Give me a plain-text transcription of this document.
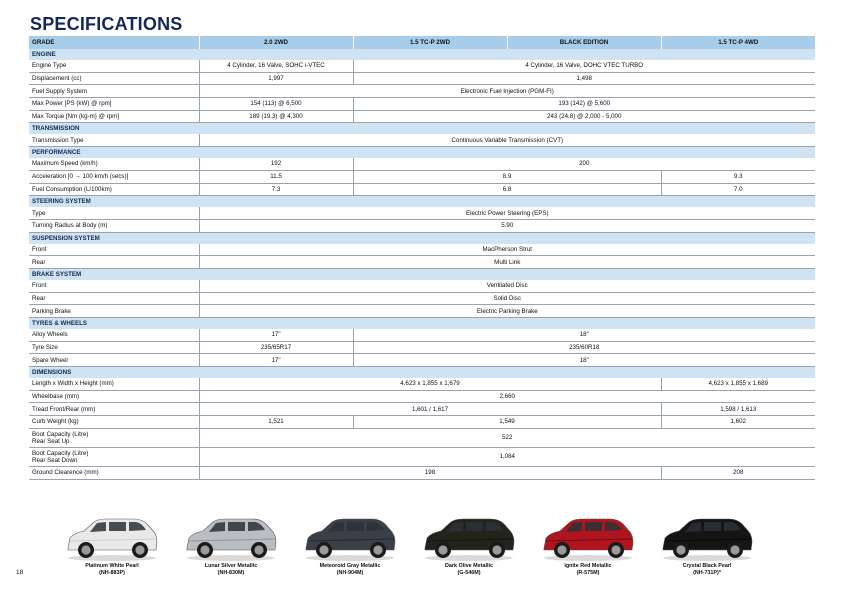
SPECIFICATIONS
GRADE	2.0 2WD	1.5 TC-P 2WD	BLACK EDITION	1.5 TC-P 4WD
ENGINE				
Engine Type	4 Cylinder, 16 Valve, SOHC i-VTEC	4 Cylinder, 16 Valve, DOHC VTEC TURBO		
Displacement (cc)	1,997	1,498		
Fuel Supply System	Electronic Fuel Injection (PGM-FI)			
Max Power [PS (kW) @ rpm]	154 (113) @ 6,500	193 (142) @ 5,600		
Max Torque [Nm (kg-m) @ rpm]	189 (19.3) @ 4,300	243 (24.8) @ 2,000 - 5,000		
TRANSMISSION				
Transmission Type	Continuous Variable Transmission (CVT)			
PERFORMANCE				
Maximum Speed (km/h)	192	200		
Acceleration [0 → 100 km/h (secs)]	11.5	8.9		9.3
Fuel Consumption (L/100km)	7.3	6.8		7.0
STEERING SYSTEM				
Type	Electric Power Steering (EPS)			
Turning Radius at Body (m)	5.90			
SUSPENSION SYSTEM				
Front	MacPherson Strut			
Rear	Multi Link			
BRAKE SYSTEM				
Front	Ventilated Disc			
Rear	Solid Disc			
Parking Brake	Electric Parking Brake			
TYRES & WHEELS				
Alloy Wheels	17"	18"		
Tyre Size	235/65R17	235/60R18		
Spare Wheel	17"	18"		
DIMENSIONS				
Length x Width x Height (mm)	4,623 x 1,855 x 1,679			4,623 x 1,855 x 1,689
Wheelbase (mm)	2,660			
Tread Front/Rear (mm)	1,601 / 1,617			1,598 / 1,613
Curb Weight (kg)	1,521	1,549		1,602
Boot Capacity (Litre)
Rear Seat Up	522			
Boot Capacity (Litre)
Rear Seat Down	1,084			
Ground Clearence (mm)	198			208
18
Platinum White Pearl
(NH-883P)
Lunar Silver Metallic
(NH-830M)
Meteoroid Gray Metallic
(NH-904M)
Dark Olive Metallic
(G-546M)
Ignite Red Metallic
(R-575M)
Crystal Black Pearl
(NH-731P)*
